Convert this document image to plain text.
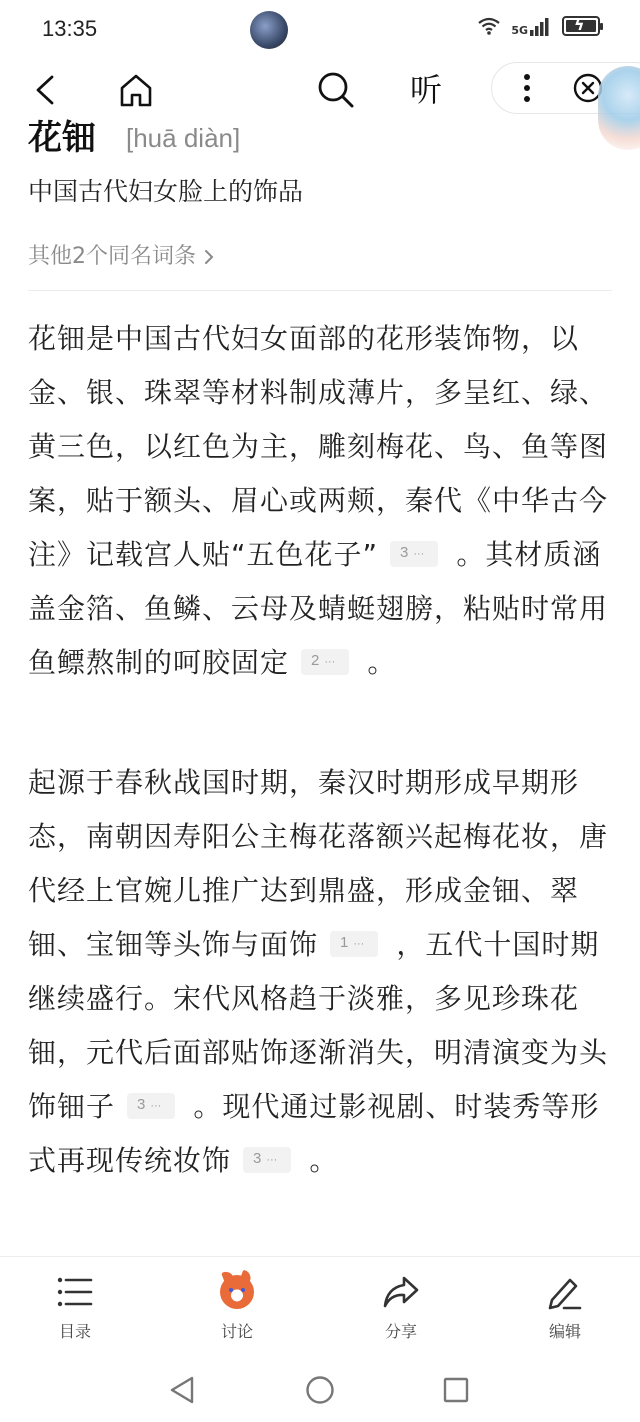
13:35	5G	ϟ
听
花钿 [huā diàn]
中国古代妇女脸上的饰品
其他2个同名词条
花钿是中国古代妇女面部的花形装饰物，以金、银、珠翠等材料制成薄片，多呈红、绿、黄三色，以红色为主，雕刻梅花、鸟、鱼等图案，贴于额头、眉心或两颊，秦代《中华古今注》记载宫人贴“五色花子” 3 ··· 。其材质涵盖金箔、鱼鳞、云母及蜻蜓翅膀，粘贴时常用鱼鳔熬制的呵胶固定 2 ··· 。
起源于春秋战国时期，秦汉时期形成早期形态，南朝因寿阳公主梅花落额兴起梅花妆，唐代经上官婉儿推广达到鼎盛，形成金钿、翠钿、宝钿等头饰与面饰 1 ··· ，五代十国时期继续盛行。宋代风格趋于淡雅，多见珍珠花钿，元代后面部贴饰逐渐消失，明清演变为头饰钿子 3 ··· 。现代通过影视剧、时装秀等形式再现传统妆饰 3 ··· 。
目录	讨论	分享	编辑
